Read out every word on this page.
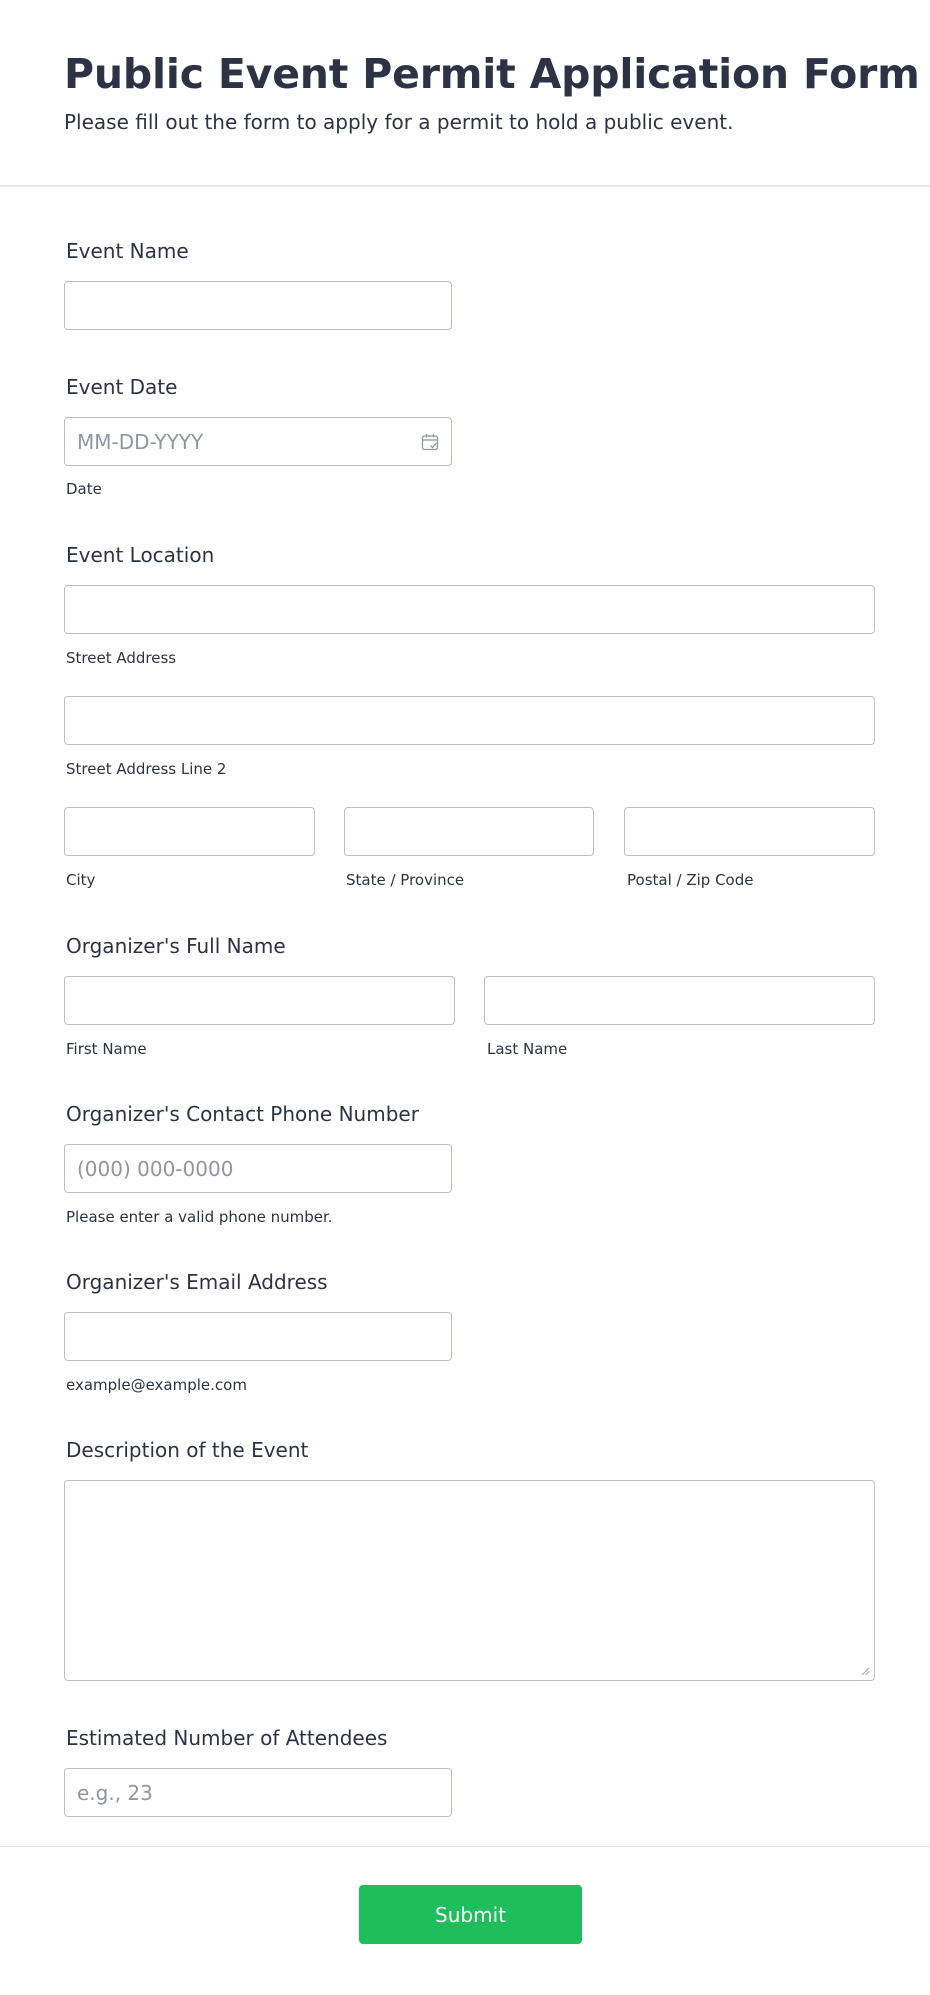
Public Event Permit Application Form

Please fill out the form to apply for a permit to hold a public event.

Event Name
Event Date
MM-DD-YYYY
Date
Event Location
Street Address
Street Address Line 2
City	State / Province	Postal / Zip Code
Organizer's Full Name
First Name	Last Name
Organizer's Contact Phone Number
(000) 000-0000
Please enter a valid phone number.
Organizer's Email Address
example@example.com
Description of the Event
Estimated Number of Attendees
e.g., 23
Submit
